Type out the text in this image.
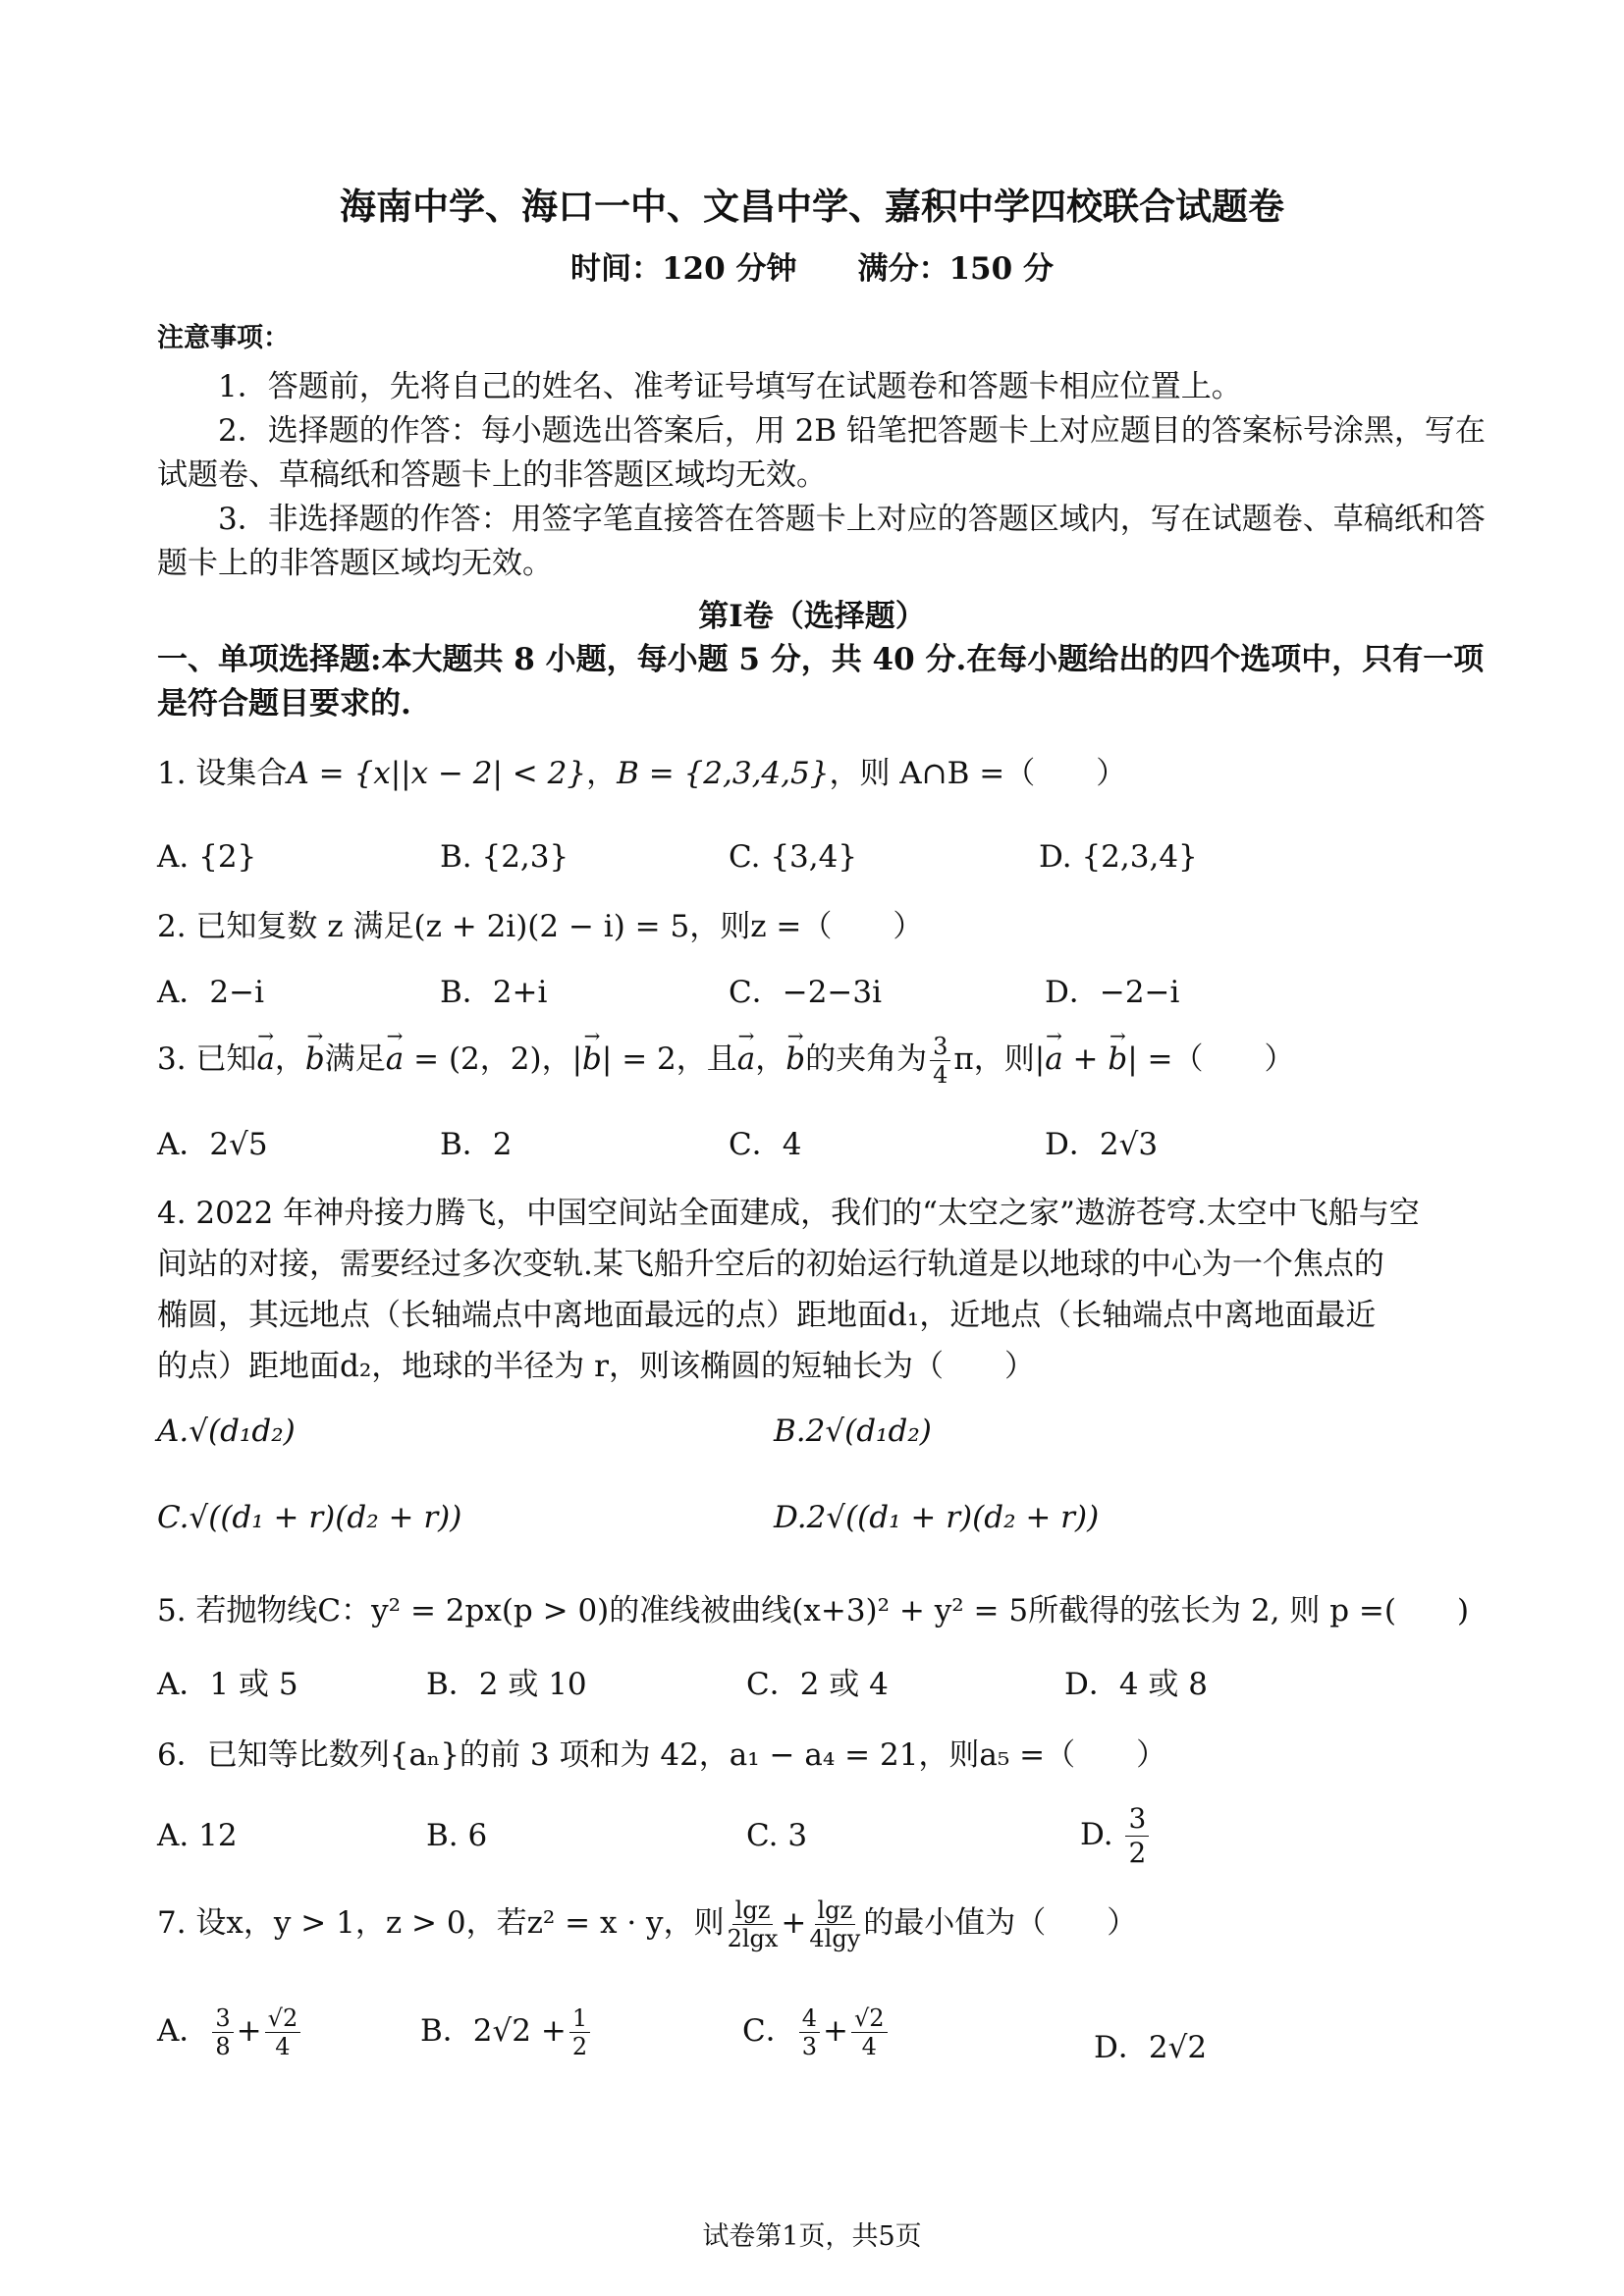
海南中学、海口一中、文昌中学、嘉积中学四校联合试题卷
时间：120 分钟　　满分：150 分
注意事项：
1．答题前，先将自己的姓名、准考证号填写在试题卷和答题卡相应位置上。
2．选择题的作答：每小题选出答案后，用 2B 铅笔把答题卡上对应题目的答案标号涂黑，写在试题卷、草稿纸和答题卡上的非答题区域均无效。
3．非选择题的作答：用签字笔直接答在答题卡上对应的答题区域内，写在试题卷、草稿纸和答题卡上的非答题区域均无效。
第Ⅰ卷（选择题）
一、单项选择题:本大题共 8 小题，每小题 5 分，共 40 分.在每小题给出的四个选项中，只有一项是符合题目要求的.
1. 设集合A = {x||x − 2| < 2}，B = {2,3,4,5}，则 A∩B =（　　）
A. {2}	B. {2,3}	C. {3,4}	D. {2,3,4}
2. 已知复数 z 满足(z + 2i)(2 − i) = 5，则z =（　　）
A．2−i	B．2+i	C．−2−3i	D．−2−i
3. 已知→ a，→ b满足→ a = (2，2)，|→ b| = 2，且→ a，→ b的夹角为 $\frac{3}{4}$ π，则|→ a + → b| =（　　）
A．2√5	B．2	C．4	D．2√3
4. 2022 年神舟接力腾飞，中国空间站全面建成，我们的“太空之家”遨游苍穹.太空中飞船与空
间站的对接，需要经过多次变轨.某飞船升空后的初始运行轨道是以地球的中心为一个焦点的
椭圆，其远地点（长轴端点中离地面最远的点）距地面d₁，近地点（长轴端点中离地面最近
的点）距地面d₂，地球的半径为 r，则该椭圆的短轴长为（　　）
A.√(d₁d₂)	B.2√(d₁d₂)
C.√((d₁ + r)(d₂ + r))	D.2√((d₁ + r)(d₂ + r))
5. 若抛物线C：y² = 2px(p > 0)的准线被曲线(x+3)² + y² = 5所截得的弦长为 2, 则 p =(　　)
A．1 或 5	B．2 或 10	C．2 或 4	D．4 或 8
6．已知等比数列{aₙ}的前 3 项和为 42，a₁ − a₄ = 21，则a₅ =（　　）
A. 12	B. 6	C. 3	D. $\frac{3}{2}$
7. 设x，y > 1，z > 0，若z² = x · y，则 $\frac{\lg z}{2\lg x} + \frac{\lg z}{4\lg y}$ 的最小值为（　　）
A． $\frac{3}{8} + \frac{√2}{4}$	B．$2√2 + \frac{1}{2}$	C． $\frac{4}{3} + \frac{√2}{4}$	D．2√2
试卷第1页，共5页
